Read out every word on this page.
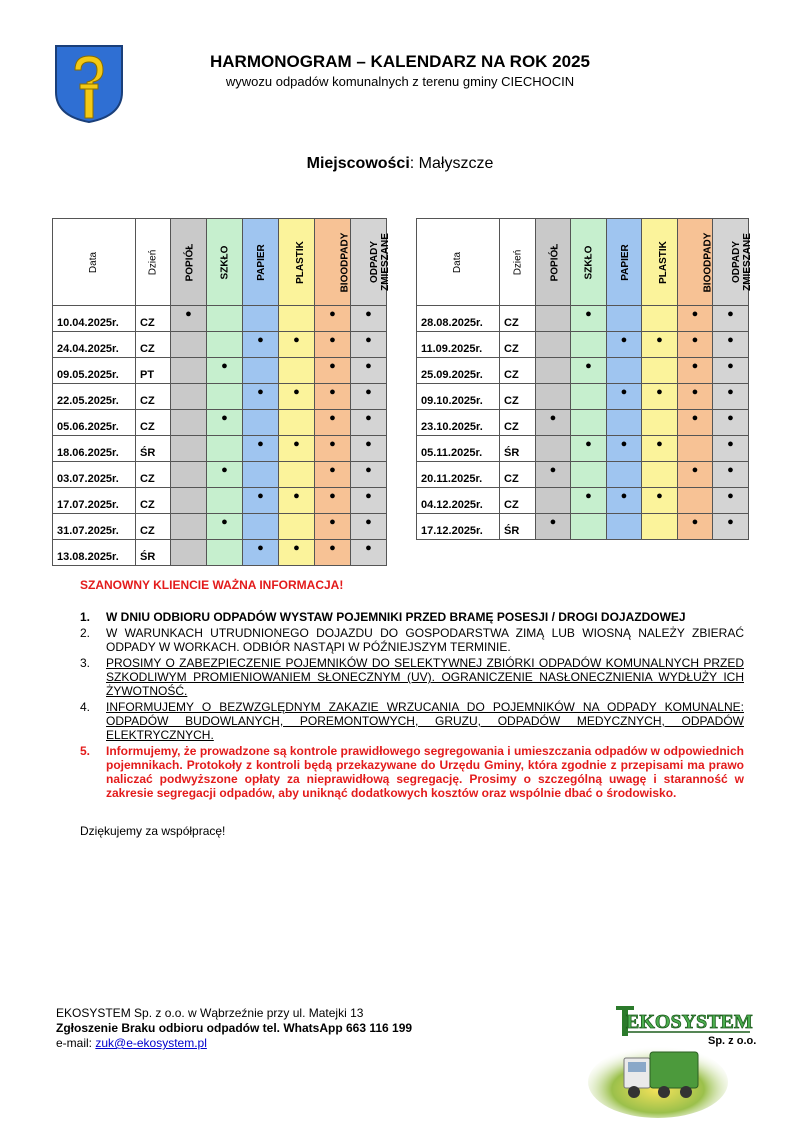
HARMONOGRAM – KALENDARZ NA ROK 2025
wywozu odpadów komunalnych z terenu gminy CIECHOCIN
Miejscowości: Małyszcze
Data	Dzień	POPIÓŁ	SZKŁO	PAPIER	PLASTIK	BIOODPADY	ODPADY
ZMIESZANE
10.04.2025r.	CZ	●				●	●
24.04.2025r.	CZ			●	●	●	●
09.05.2025r.	PT		●			●	●
22.05.2025r.	CZ			●	●	●	●
05.06.2025r.	CZ		●			●	●
18.06.2025r.	ŚR			●	●	●	●
03.07.2025r.	CZ		●			●	●
17.07.2025r.	CZ			●	●	●	●
31.07.2025r.	CZ		●			●	●
13.08.2025r.	ŚR			●	●	●	●
Data	Dzień	POPIÓŁ	SZKŁO	PAPIER	PLASTIK	BIOODPADY	ODPADY
ZMIESZANE
28.08.2025r.	CZ		●			●	●
11.09.2025r.	CZ			●	●	●	●
25.09.2025r.	CZ		●			●	●
09.10.2025r.	CZ			●	●	●	●
23.10.2025r.	CZ	●				●	●
05.11.2025r.	ŚR		●	●	●		●
20.11.2025r.	CZ	●				●	●
04.12.2025r.	CZ		●	●	●		●
17.12.2025r.	ŚR	●				●	●
SZANOWNY KLIENCIE WAŻNA INFORMACJA!
1.	W DNIU ODBIORU ODPADÓW WYSTAW POJEMNIKI PRZED BRAMĘ POSESJI / DROGI DOJAZDOWEJ
2.	W WARUNKACH UTRUDNIONEGO DOJAZDU DO GOSPODARSTWA ZIMĄ LUB WIOSNĄ NALEŻY ZBIERAĆ ODPADY W WORKACH. ODBIÓR NASTĄPI W PÓŹNIEJSZYM TERMINIE.
3.	PROSIMY O ZABEZPIECZENIE POJEMNIKÓW DO SELEKTYWNEJ ZBIÓRKI ODPADÓW KOMUNALNYCH PRZED SZKODLIWYM PROMIENIOWANIEM SŁONECZNYM (UV). OGRANICZENIE NASŁONECZNIENIA WYDŁUŻY ICH ŻYWOTNOŚĆ.
4.	INFORMUJEMY O BEZWZGLĘDNYM ZAKAZIE WRZUCANIA DO POJEMNIKÓW NA ODPADY KOMUNALNE: ODPADÓW BUDOWLANYCH, POREMONTOWYCH, GRUZU, ODPADÓW MEDYCZNYCH, ODPADÓW ELEKTRYCZNYCH.
5.	Informujemy, że prowadzone są kontrole prawidłowego segregowania i umieszczania odpadów w odpowiednich pojemnikach. Protokoły z kontroli będą przekazywane do Urzędu Gminy, która zgodnie z przepisami ma prawo naliczać podwyższone opłaty za nieprawidłową segregację. Prosimy o szczególną uwagę i staranność w zakresie segregacji odpadów, aby uniknąć dodatkowych kosztów oraz wspólnie dbać o środowisko.
Dziękujemy za współpracę!
EKOSYSTEM Sp. z o.o. w Wąbrzeźnie przy ul. Matejki 13
Zgłoszenie Braku odbioru odpadów tel. WhatsApp 663 116 199
e-mail: zuk@e-ekosystem.pl
EKOSYSTEM
Sp. z o.o.
